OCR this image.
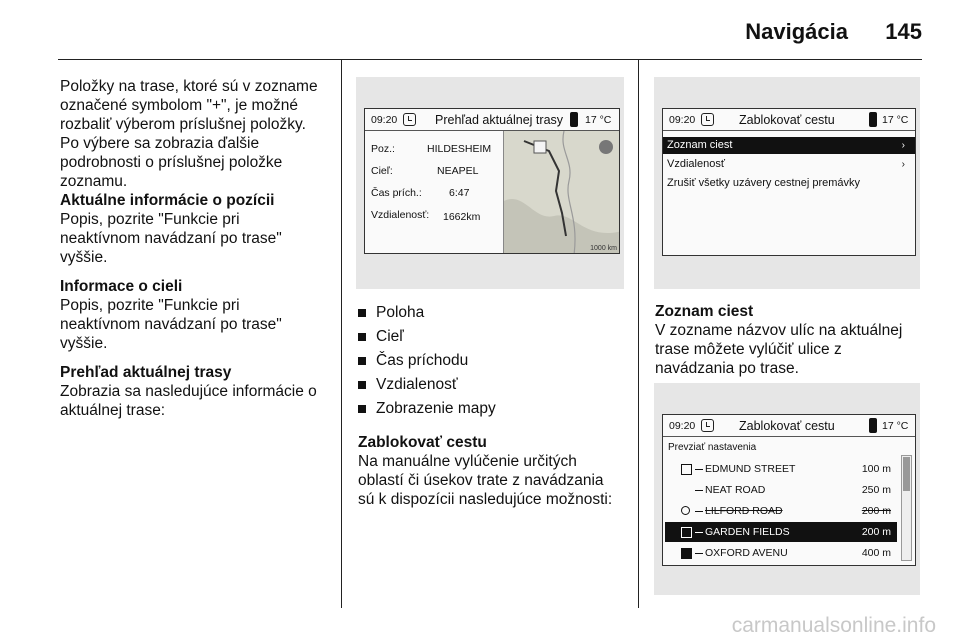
Navigácia 145

Položky na trase, ktoré sú v zozname

označené symbolom "+", je možné

rozbaliť výberom príslušnej položky.

Po výbere sa zobrazia ďalšie

podrobnosti o príslušnej položke

zoznamu.

Aktuálne informácie o pozícii

Popis, pozrite "Funkcie pri

neaktívnom navádzaní po trase"

vyššie.

Informace o cieli

Popis, pozrite "Funkcie pri

neaktívnom navádzaní po trase"

vyššie.

Prehľad aktuálnej trasy

Zobrazia sa nasledujúce informácie o

aktuálnej trase:

09:20	Prehľad aktuálnej trasy 17 °C
Poz.:	HILDESHEIM
Cieľ:	NEAPEL
Čas prích.:	6:47
Vzdialenosť: 1662km
1000 km
Poloha
Cieľ
Čas príchodu
Vzdialenosť
Zobrazenie mapy

Zablokovať cestu

Na manuálne vylúčenie určitých

oblastí či úsekov trate z navádzania

sú k dispozícii nasledujúce možnosti:

09:20	Zablokovať cestu	17 °C
Zoznam ciest	›
Vzdialenosť	›
Zrušiť všetky uzávery cestnej premávky

Zoznam ciest

V zozname názvov ulíc na aktuálnej

trase môžete vylúčiť ulice z

navádzania po trase.

09:20	Zablokovať cestu	17 °C
Prevziať nastavenia
EDMUND STREET	100 m
NEAT ROAD	250 m
LILFORD ROAD	200 m
GARDEN FIELDS	200 m
OXFORD AVENU	400 m
carmanualsonline.info
